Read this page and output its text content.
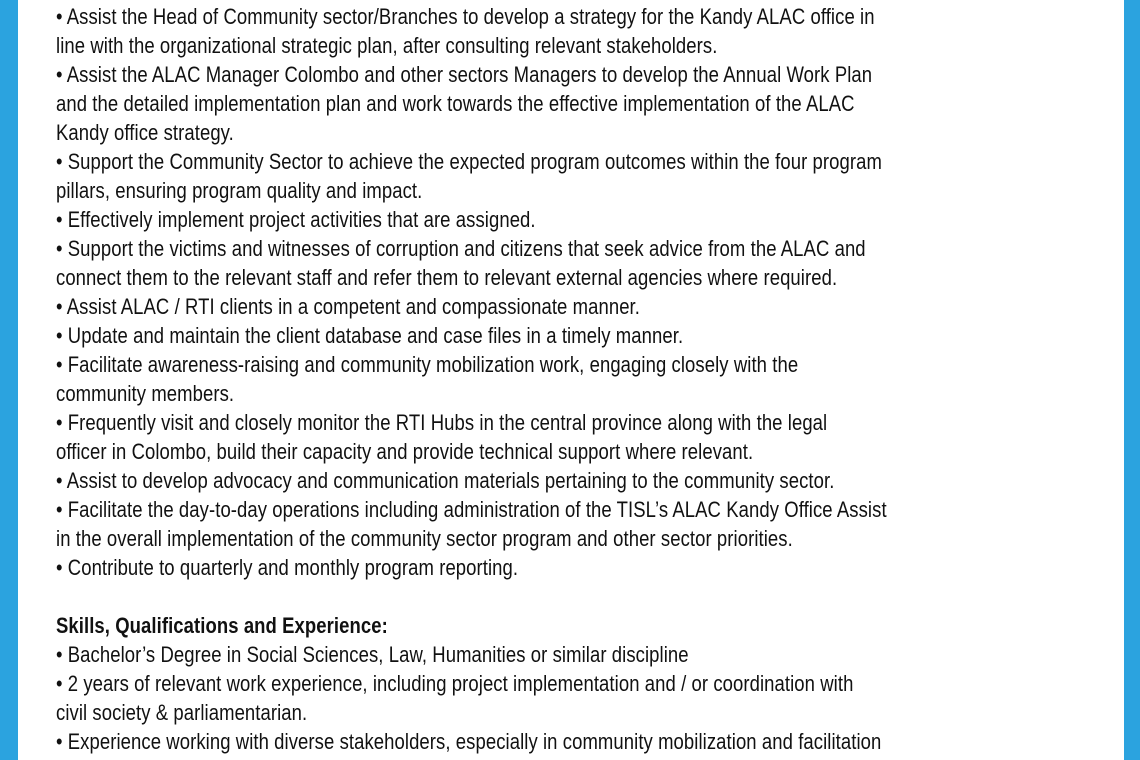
• Assist the Head of Community sector/Branches to develop a strategy for the Kandy ALAC office in

line with the organizational strategic plan, after consulting relevant stakeholders.

• Assist the ALAC Manager Colombo and other sectors Managers to develop the Annual Work Plan

and the detailed implementation plan and work towards the effective implementation of the ALAC

Kandy office strategy.

• Support the Community Sector to achieve the expected program outcomes within the four program

pillars, ensuring program quality and impact.

• Effectively implement project activities that are assigned.

• Support the victims and witnesses of corruption and citizens that seek advice from the ALAC and

connect them to the relevant staff and refer them to relevant external agencies where required.

• Assist ALAC / RTI clients in a competent and compassionate manner.

• Update and maintain the client database and case files in a timely manner.

• Facilitate awareness-raising and community mobilization work, engaging closely with the

community members.

• Frequently visit and closely monitor the RTI Hubs in the central province along with the legal

officer in Colombo, build their capacity and provide technical support where relevant.

• Assist to develop advocacy and communication materials pertaining to the community sector.

• Facilitate the day-to-day operations including administration of the TISL’s ALAC Kandy Office Assist

in the overall implementation of the community sector program and other sector priorities.

• Contribute to quarterly and monthly program reporting.

Skills, Qualifications and Experience:

• Bachelor’s Degree in Social Sciences, Law, Humanities or similar discipline

• 2 years of relevant work experience, including project implementation and / or coordination with

civil society & parliamentarian.

• Experience working with diverse stakeholders, especially in community mobilization and facilitation
